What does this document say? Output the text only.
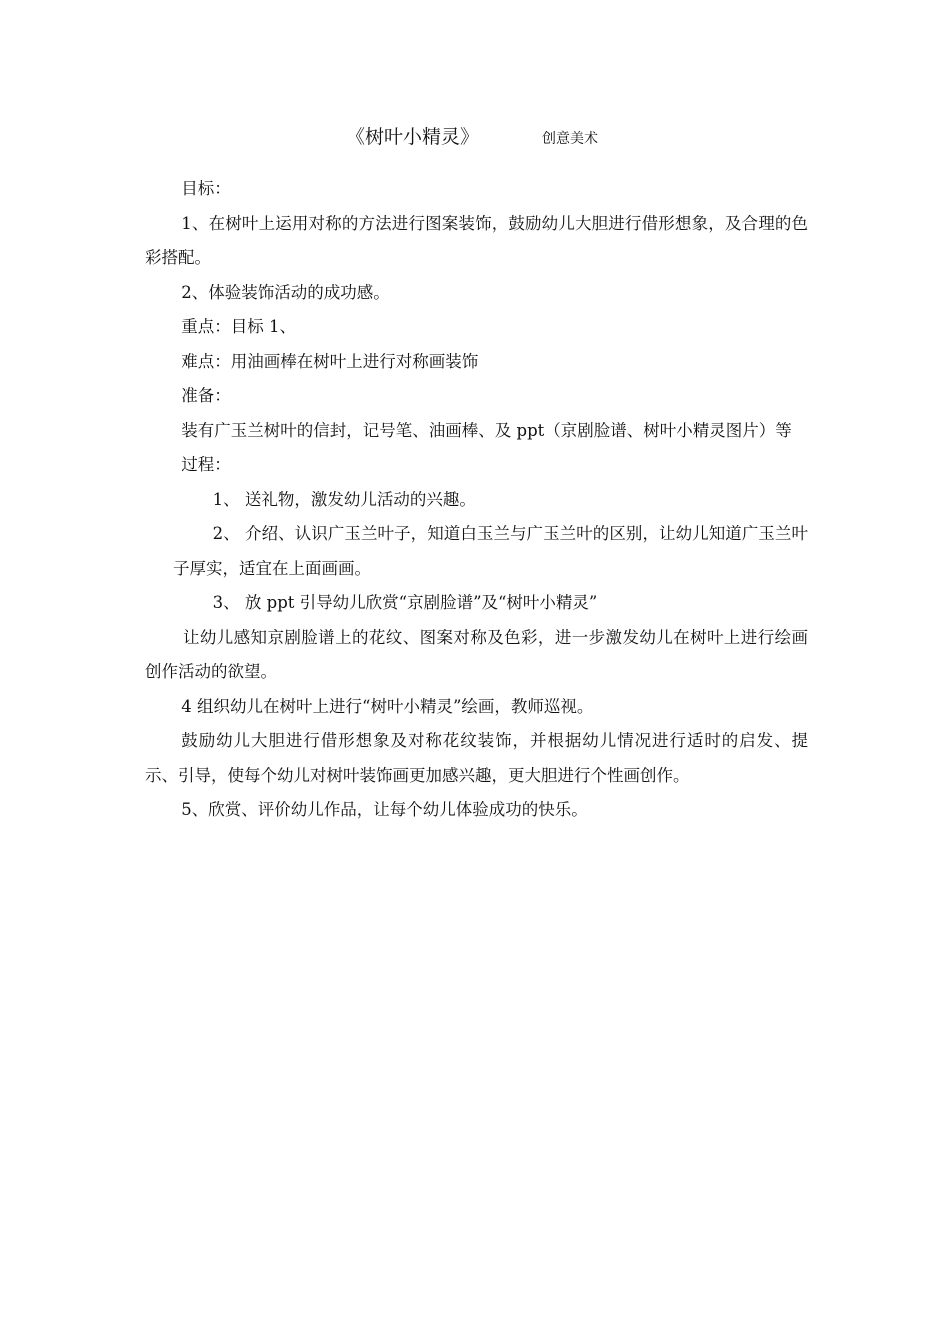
《树叶小精灵》	创意美术

目标：

1、在树叶上运用对称的方法进行图案装饰，鼓励幼儿大胆进行借形想象，及合理的色彩搭配。

2、体验装饰活动的成功感。

重点：目标 1、

难点：用油画棒在树叶上进行对称画装饰

准备：

装有广玉兰树叶的信封，记号笔、油画棒、及 ppt（京剧脸谱、树叶小精灵图片）等

过程：

1、 送礼物，激发幼儿活动的兴趣。

2、 介绍、认识广玉兰叶子，知道白玉兰与广玉兰叶的区别，让幼儿知道广玉兰叶子厚实，适宜在上面画画。

3、 放 ppt 引导幼儿欣赏“京剧脸谱”及“树叶小精灵”

让幼儿感知京剧脸谱上的花纹、图案对称及色彩，进一步激发幼儿在树叶上进行绘画创作活动的欲望。

4 组织幼儿在树叶上进行“树叶小精灵”绘画，教师巡视。

鼓励幼儿大胆进行借形想象及对称花纹装饰，并根据幼儿情况进行适时的启发、提示、引导，使每个幼儿对树叶装饰画更加感兴趣，更大胆进行个性画创作。

5、欣赏、评价幼儿作品，让每个幼儿体验成功的快乐。
